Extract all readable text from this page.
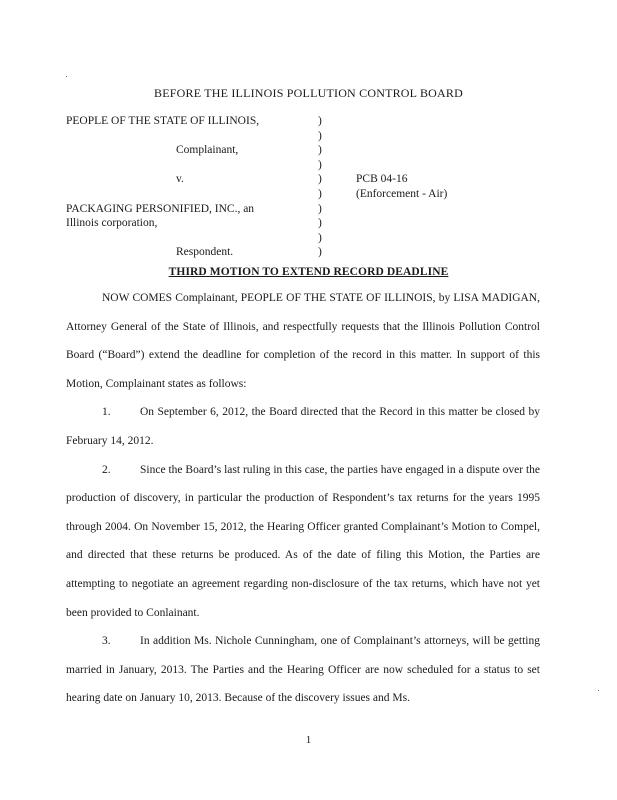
BEFORE THE ILLINOIS POLLUTION CONTROL BOARD
PEOPLE OF THE STATE OF ILLINOIS,
Complainant,
v.
PACKAGING PERSONIFIED, INC., an
Illinois corporation,
Respondent.
)
)
)
)
)
)
)
)
)
)
PCB 04-16
(Enforcement - Air)
THIRD MOTION TO EXTEND RECORD DEADLINE

NOW COMES Complainant, PEOPLE OF THE STATE OF ILLINOIS, by LISA MADIGAN, Attorney General of the State of Illinois, and respectfully requests that the Illinois Pollution Control Board (“Board”) extend the deadline for completion of the record in this matter. In support of this Motion, Complainant states as follows:

1.	On September 6, 2012, the Board directed that the Record in this matter be closed by February 14, 2012.

2.	Since the Board’s last ruling in this case, the parties have engaged in a dispute over the production of discovery, in particular the production of Respondent’s tax returns for the years 1995 through 2004. On November 15, 2012, the Hearing Officer granted Complainant’s Motion to Compel, and directed that these returns be produced. As of the date of filing this Motion, the Parties are attempting to negotiate an agreement regarding non-disclosure of the tax returns, which have not yet been provided to Conlainant.

3.	In addition Ms. Nichole Cunningham, one of Complainant’s attorneys, will be getting married in January, 2013. The Parties and the Hearing Officer are now scheduled for a status to set hearing date on January 10, 2013. Because of the discovery issues and Ms.

1
